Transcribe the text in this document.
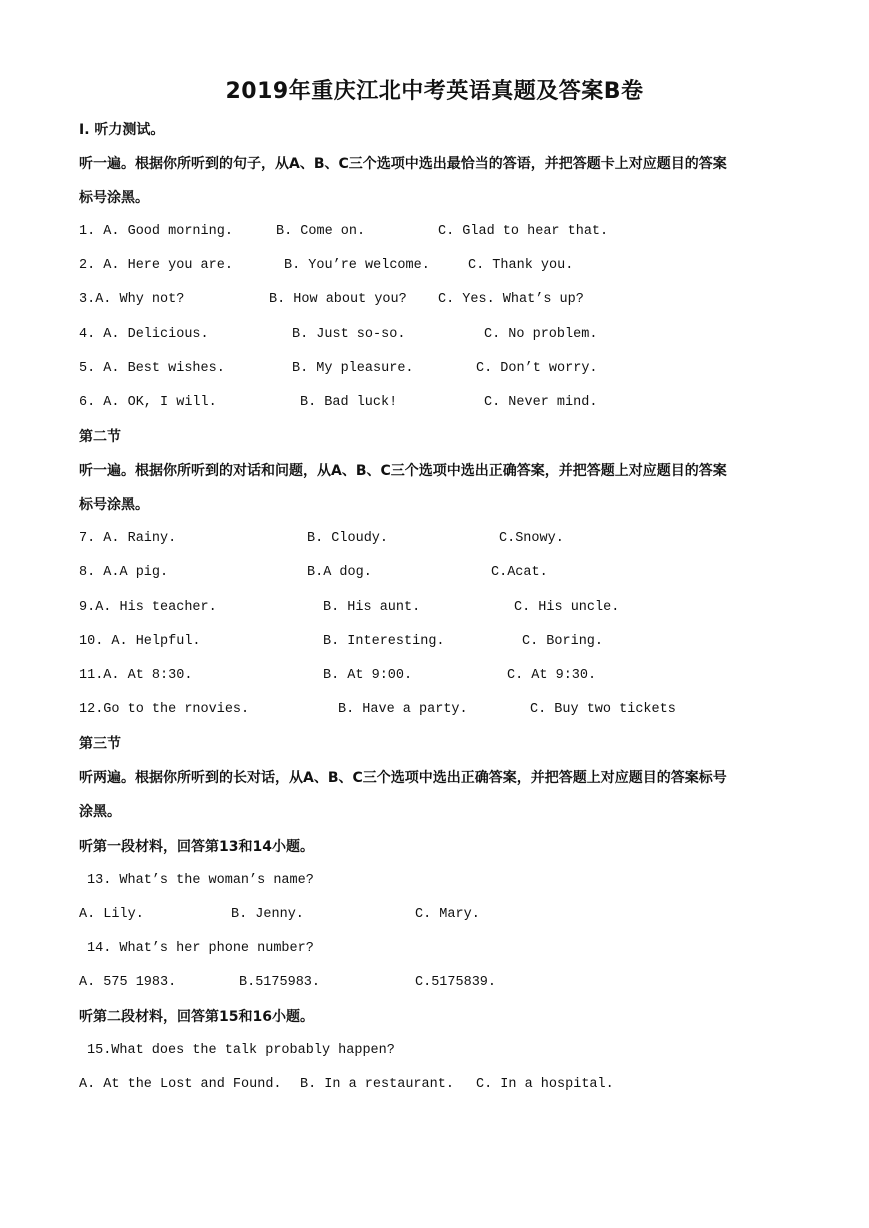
2019年重庆江北中考英语真题及答案B卷
I. 听力测试。
听一遍。根据你所听到的句子，从A、B、C三个选项中选出最恰当的答语，并把答题卡上对应题目的答案
标号涂黑。
1. A. Good morning.	B. Come on.	C. Glad to hear that.
2. A. Here you are.	B. You’re welcome.	C. Thank you.
3.A. Why not?	B. How about you? C. Yes. What’s up?
4. A. Delicious.	B. Just so-so.	C. No problem.
5. A. Best wishes.	B. My pleasure.	C. Don’t worry.
6. A. OK, I will.	B. Bad luck!	C. Never mind.
第二节
听一遍。根据你所听到的对话和问题，从A、B、C三个选项中选出正确答案，并把答题上对应题目的答案
标号涂黑。
7. A. Rainy.	B. Cloudy.	C.Snowy.
8. A.A pig.	B.A dog.	C.Acat.
9.A. His teacher.	B. His aunt.	C. His uncle.
10. A. Helpful.	B. Interesting.	C. Boring.
11.A. At 8:30.	B. At 9:00.	C. At 9:30.
12.Go to the rnovies.	B. Have a party.	C. Buy two tickets
第三节
听两遍。根据你所听到的长对话，从A、B、C三个选项中选出正确答案，并把答题上对应题目的答案标号
涂黑。
听第一段材料，回答第13和14小题。
13. What’s the woman’s name?
A. Lily.	B. Jenny.	C. Mary.
14. What’s her phone number?
A. 575 1983.	B.5175983.	C.5175839.
听第二段材料，回答第15和16小题。
15.What does the talk probably happen?
A. At the Lost and Found. B. In a restaurant. C. In a hospital.
